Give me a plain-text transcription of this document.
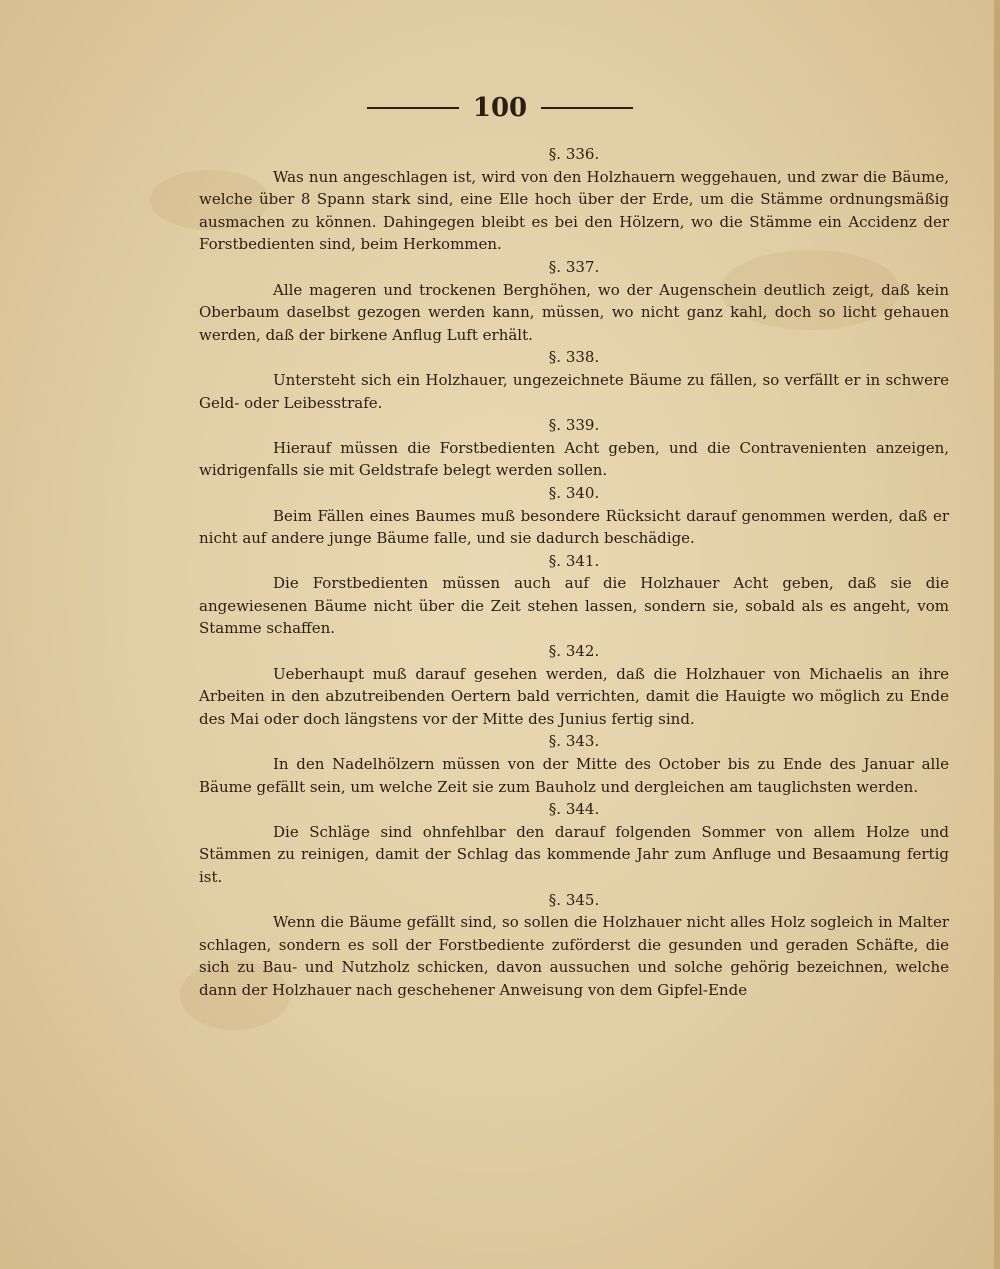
100

§. 336.

Was nun angeschlagen ist, wird von den Holzhauern weggehauen, und zwar die Bäume, welche über 8 Spann stark sind, eine Elle hoch über der Erde, um die Stämme ordnungsmäßig ausmachen zu können. Dahingegen bleibt es bei den Hölzern, wo die Stämme ein Accidenz der Forstbedienten sind, beim Herkommen.

§. 337.

Alle mageren und trockenen Berghöhen, wo der Augenschein deutlich zeigt, daß kein Oberbaum daselbst gezogen werden kann, müssen, wo nicht ganz kahl, doch so licht gehauen werden, daß der birkene Anflug Luft erhält.

§. 338.

Untersteht sich ein Holzhauer, ungezeichnete Bäume zu fällen, so verfällt er in schwere Geld- oder Leibesstrafe.

§. 339.

Hierauf müssen die Forstbedienten Acht geben, und die Contravenienten anzeigen, widrigenfalls sie mit Geldstrafe belegt werden sollen.

§. 340.

Beim Fällen eines Baumes muß besondere Rücksicht darauf genommen werden, daß er nicht auf andere junge Bäume falle, und sie dadurch beschädige.

§. 341.

Die Forstbedienten müssen auch auf die Holzhauer Acht geben, daß sie die angewiesenen Bäume nicht über die Zeit stehen lassen, sondern sie, sobald als es angeht, vom Stamme schaffen.

§. 342.

Ueberhaupt muß darauf gesehen werden, daß die Holzhauer von Michaelis an ihre Arbeiten in den abzutreibenden Oertern bald verrichten, damit die Hauigte wo möglich zu Ende des Mai oder doch längstens vor der Mitte des Junius fertig sind.

§. 343.

In den Nadelhölzern müssen von der Mitte des October bis zu Ende des Januar alle Bäume gefällt sein, um welche Zeit sie zum Bauholz und dergleichen am tauglichsten werden.

§. 344.

Die Schläge sind ohnfehlbar den darauf folgenden Sommer von allem Holze und Stämmen zu reinigen, damit der Schlag das kommende Jahr zum Anfluge und Besaamung fertig ist.

§. 345.

Wenn die Bäume gefällt sind, so sollen die Holzhauer nicht alles Holz sogleich in Malter schlagen, sondern es soll der Forstbediente zuförderst die gesunden und geraden Schäfte, die sich zu Bau- und Nutzholz schicken, davon aussuchen und solche gehörig bezeichnen, welche dann der Holzhauer nach geschehener Anweisung von dem Gipfel-Ende
